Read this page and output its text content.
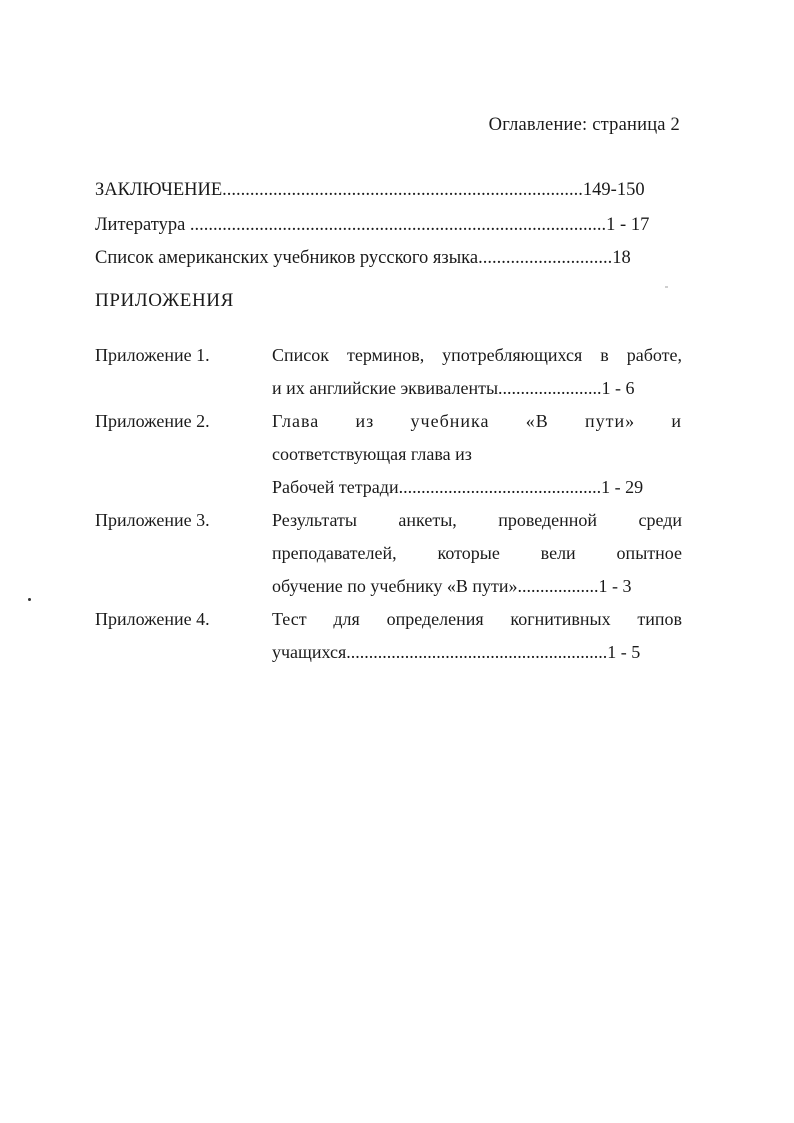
Оглавление: страница 2
ЗАКЛЮЧЕНИЕ..............................................................................149-150
Литература ..........................................................................................1 - 17
Список американских учебников русского языка.............................18
ПРИЛОЖЕНИЯ
Приложение 1.	Список терминов, употребляющихся в работе,
и их английские эквиваленты.......................1 - 6
Приложение 2.	Глава из учебника «В пути» и
соответствующая глава из
Рабочей тетради.............................................1 - 29
Приложение 3.	Результаты анкеты, проведенной среди
преподавателей, которые вели опытное
обучение по учебнику «В пути»..................1 - 3
Приложение 4.	Тест для определения когнитивных типов
учащихся..........................................................1 - 5
